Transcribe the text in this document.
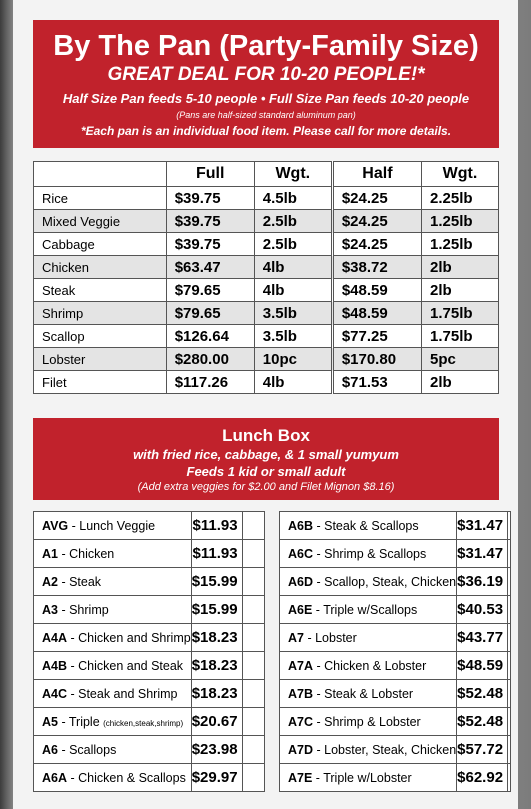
By The Pan (Party-Family Size)
GREAT DEAL FOR 10-20 PEOPLE!*
Half Size Pan feeds 5-10 people • Full Size Pan feeds 10-20 people
(Pans are half-sized standard aluminum pan)
*Each pan is an individual food item. Please call for more details.
	Full	Wgt.	Half	Wgt.
Rice	$39.75	4.5lb	$24.25	2.25lb
Mixed Veggie	$39.75	2.5lb	$24.25	1.25lb
Cabbage	$39.75	2.5lb	$24.25	1.25lb
Chicken	$63.47	4lb	$38.72	2lb
Steak	$79.65	4lb	$48.59	2lb
Shrimp	$79.65	3.5lb	$48.59	1.75lb
Scallop	$126.64	3.5lb	$77.25	1.75lb
Lobster	$280.00	10pc	$170.80	5pc
Filet	$117.26	4lb	$71.53	2lb
Lunch Box
with fried rice, cabbage, & 1 small yumyum
Feeds 1 kid or small adult
(Add extra veggies for $2.00 and Filet Mignon $8.16)
AVG - Lunch Veggie	$11.93	
A1 - Chicken	$11.93	
A2 - Steak	$15.99	
A3 - Shrimp	$15.99	
A4A - Chicken and Shrimp	$18.23	
A4B - Chicken and Steak	$18.23	
A4C - Steak and Shrimp	$18.23	
A5 - Triple (chicken,steak,shrimp)	$20.67	
A6 - Scallops	$23.98	
A6A - Chicken & Scallops	$29.97	
A6B - Steak & Scallops	$31.47	
A6C - Shrimp & Scallops	$31.47	
A6D - Scallop, Steak, Chicken	$36.19	
A6E - Triple w/Scallops	$40.53	
A7 - Lobster	$43.77	
A7A - Chicken & Lobster	$48.59	
A7B - Steak & Lobster	$52.48	
A7C - Shrimp & Lobster	$52.48	
A7D - Lobster, Steak, Chicken	$57.72	
A7E - Triple w/Lobster	$62.92	
